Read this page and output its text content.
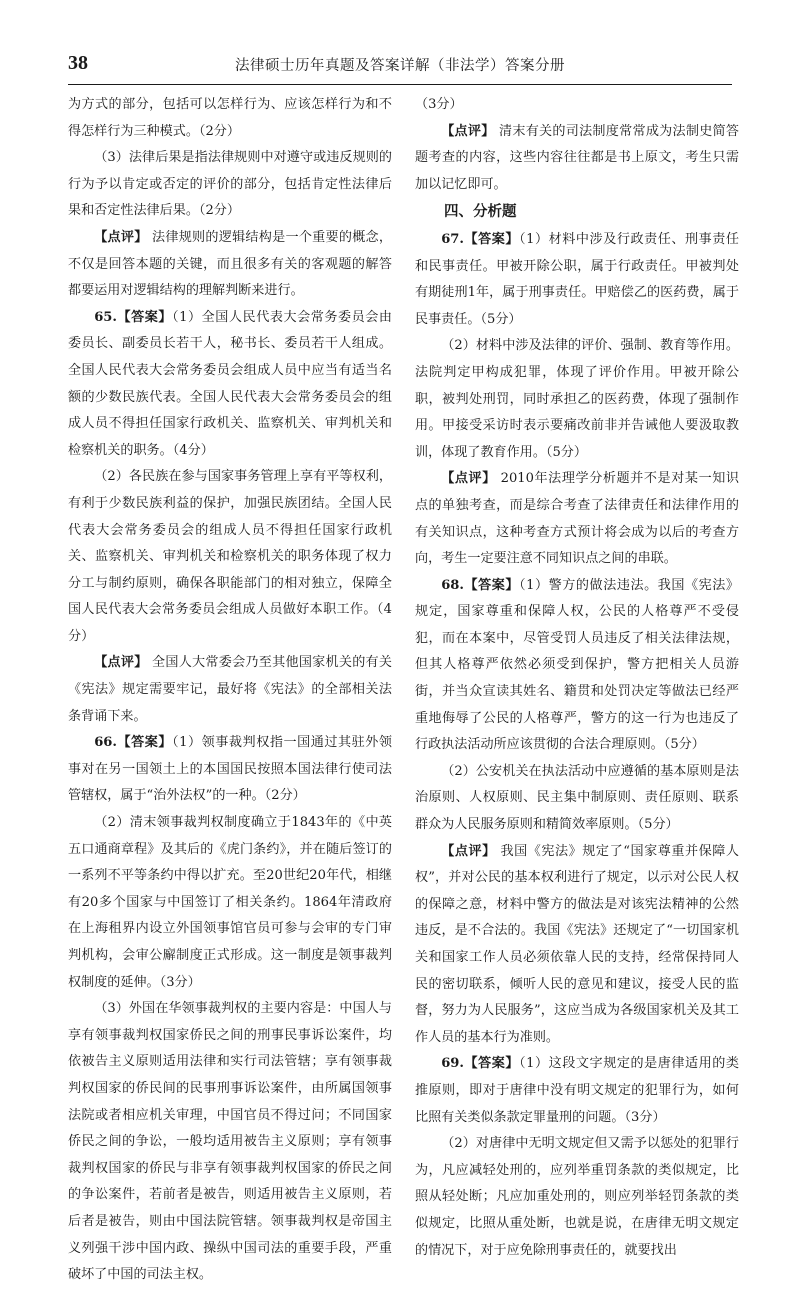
38	法律硕士历年真题及答案详解（非法学）答案分册

为方式的部分，包括可以怎样行为、应该怎样行为和不得怎样行为三种模式。（2分）

（3）法律后果是指法律规则中对遵守或违反规则的行为予以肯定或否定的评价的部分，包括肯定性法律后果和否定性法律后果。（2分）

【点评】 法律规则的逻辑结构是一个重要的概念，不仅是回答本题的关键，而且很多有关的客观题的解答都要运用对逻辑结构的理解判断来进行。

65.【答案】（1）全国人民代表大会常务委员会由委员长、副委员长若干人，秘书长、委员若干人组成。全国人民代表大会常务委员会组成人员中应当有适当名额的少数民族代表。全国人民代表大会常务委员会的组成人员不得担任国家行政机关、监察机关、审判机关和检察机关的职务。（4分）

（2）各民族在参与国家事务管理上享有平等权利，有利于少数民族利益的保护，加强民族团结。全国人民代表大会常务委员会的组成人员不得担任国家行政机关、监察机关、审判机关和检察机关的职务体现了权力分工与制约原则，确保各职能部门的相对独立，保障全国人民代表大会常务委员会组成人员做好本职工作。（4分）

【点评】 全国人大常委会乃至其他国家机关的有关《宪法》规定需要牢记，最好将《宪法》的全部相关法条背诵下来。

66.【答案】（1）领事裁判权指一国通过其驻外领事对在另一国领土上的本国国民按照本国法律行使司法管辖权，属于“治外法权”的一种。（2分）

（2）清末领事裁判权制度确立于1843年的《中英五口通商章程》及其后的《虎门条约》，并在随后签订的一系列不平等条约中得以扩充。至20世纪20年代，相继有20多个国家与中国签订了相关条约。1864年清政府在上海租界内设立外国领事馆官员可参与会审的专门审判机构，会审公廨制度正式形成。这一制度是领事裁判权制度的延伸。（3分）

（3）外国在华领事裁判权的主要内容是：中国人与享有领事裁判权国家侨民之间的刑事民事诉讼案件，均依被告主义原则适用法律和实行司法管辖；享有领事裁判权国家的侨民间的民事刑事诉讼案件，由所属国领事法院或者相应机关审理，中国官员不得过问；不同国家侨民之间的争讼，一般均适用被告主义原则；享有领事裁判权国家的侨民与非享有领事裁判权国家的侨民之间的争讼案件，若前者是被告，则适用被告主义原则，若后者是被告，则由中国法院管辖。领事裁判权是帝国主义列强干涉中国内政、操纵中国司法的重要手段，严重破坏了中国的司法主权。

（3分）

【点评】 清末有关的司法制度常常成为法制史简答题考查的内容，这些内容往往都是书上原文，考生只需加以记忆即可。

四、分析题

67.【答案】（1）材料中涉及行政责任、刑事责任和民事责任。甲被开除公职，属于行政责任。甲被判处有期徒刑1年，属于刑事责任。甲赔偿乙的医药费，属于民事责任。（5分）

（2）材料中涉及法律的评价、强制、教育等作用。法院判定甲构成犯罪，体现了评价作用。甲被开除公职，被判处刑罚，同时承担乙的医药费，体现了强制作用。甲接受采访时表示要痛改前非并告诫他人要汲取教训，体现了教育作用。（5分）

【点评】 2010年法理学分析题并不是对某一知识点的单独考查，而是综合考查了法律责任和法律作用的有关知识点，这种考查方式预计将会成为以后的考查方向，考生一定要注意不同知识点之间的串联。

68.【答案】（1）警方的做法违法。我国《宪法》规定，国家尊重和保障人权，公民的人格尊严不受侵犯，而在本案中，尽管受罚人员违反了相关法律法规，但其人格尊严依然必须受到保护，警方把相关人员游街，并当众宣读其姓名、籍贯和处罚决定等做法已经严重地侮辱了公民的人格尊严，警方的这一行为也违反了行政执法活动所应该贯彻的合法合理原则。（5分）

（2）公安机关在执法活动中应遵循的基本原则是法治原则、人权原则、民主集中制原则、责任原则、联系群众为人民服务原则和精简效率原则。（5分）

【点评】 我国《宪法》规定了“国家尊重并保障人权”，并对公民的基本权利进行了规定，以示对公民人权的保障之意，材料中警方的做法是对该宪法精神的公然违反，是不合法的。我国《宪法》还规定了“一切国家机关和国家工作人员必须依靠人民的支持，经常保持同人民的密切联系，倾听人民的意见和建议，接受人民的监督，努力为人民服务”，这应当成为各级国家机关及其工作人员的基本行为准则。

69.【答案】（1）这段文字规定的是唐律适用的类推原则，即对于唐律中没有明文规定的犯罪行为，如何比照有关类似条款定罪量刑的问题。（3分）

（2）对唐律中无明文规定但又需予以惩处的犯罪行为，凡应减轻处刑的，应列举重罚条款的类似规定，比照从轻处断；凡应加重处刑的，则应列举轻罚条款的类似规定，比照从重处断，也就是说，在唐律无明文规定的情况下，对于应免除刑事责任的，就要找出
